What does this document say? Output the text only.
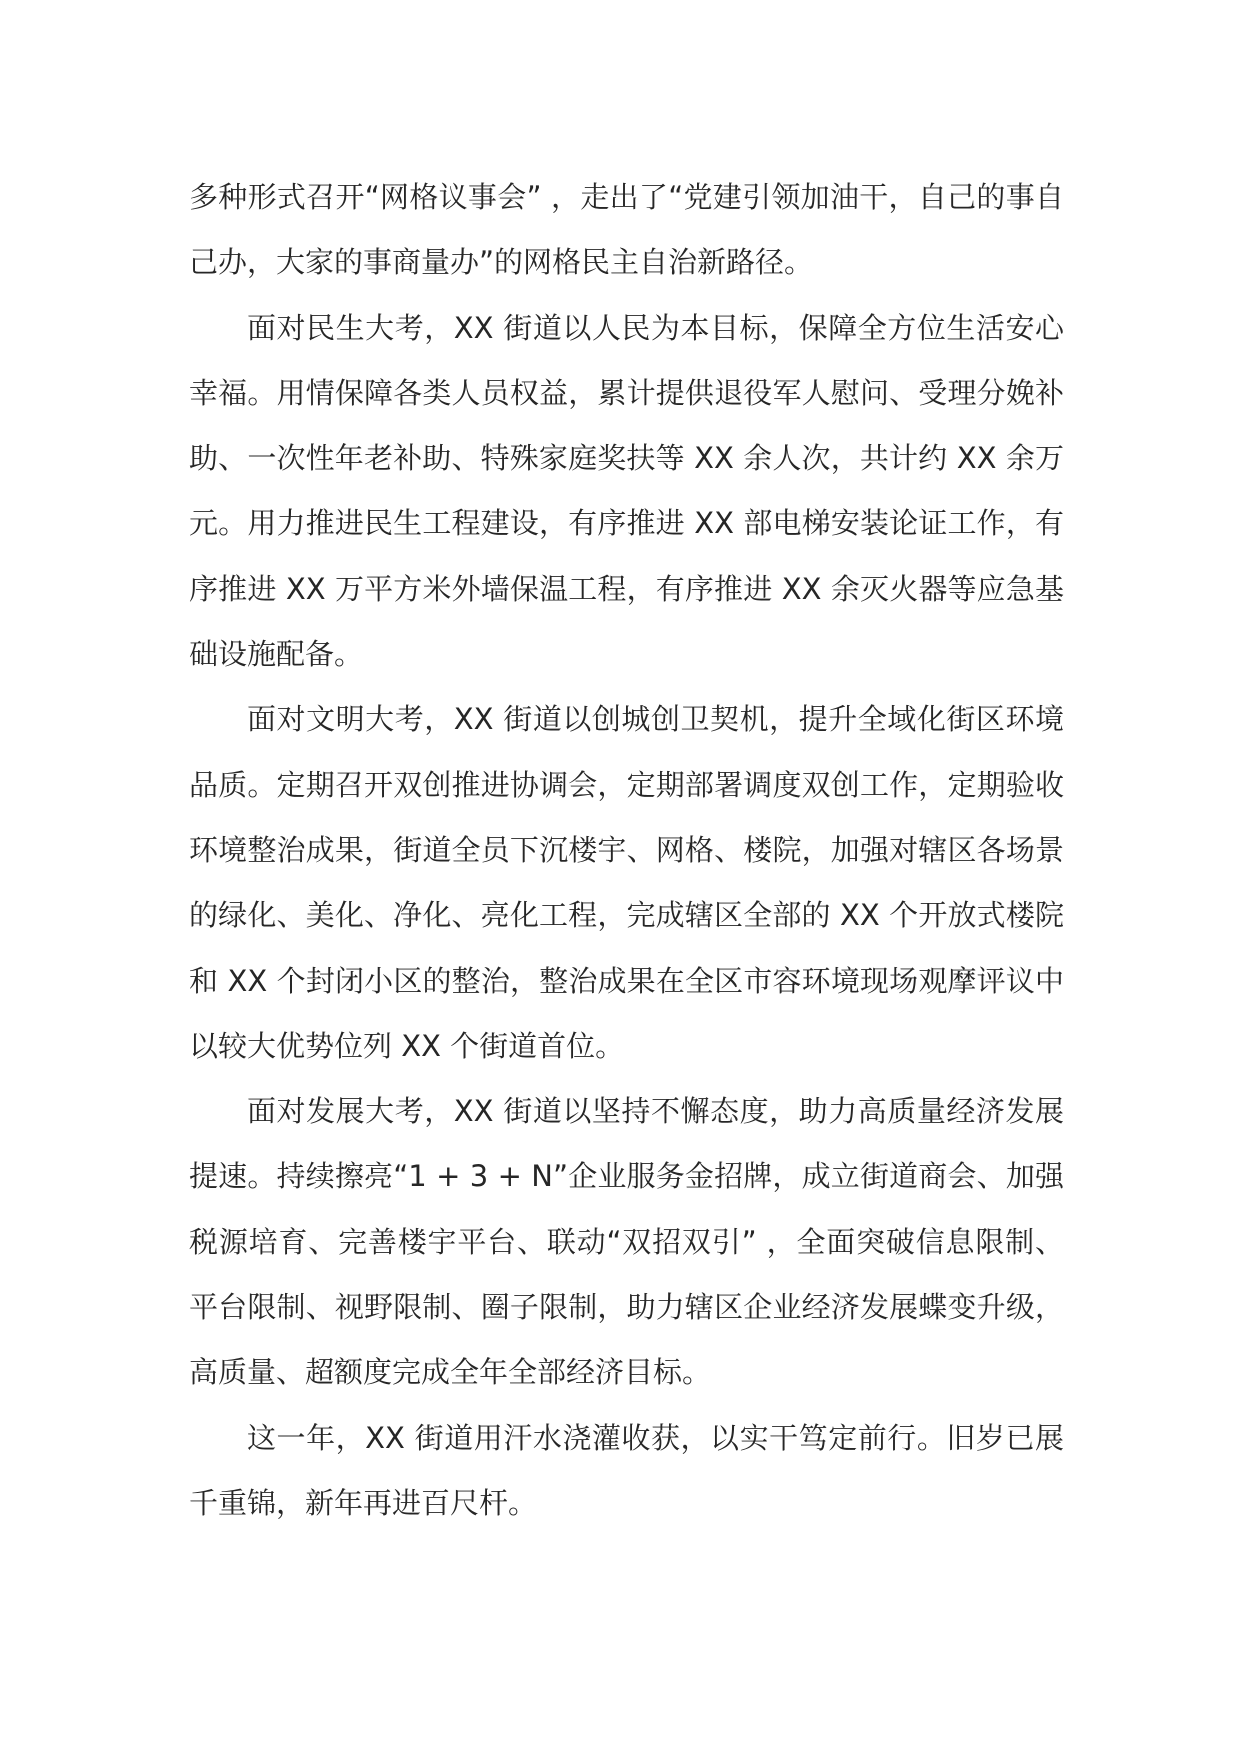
多种形式召开“网格议事会” ，走出了“党建引领加油干，自己的事自己办，大家的事商量办”的网格民主自治新路径。

面对民生大考，XX 街道以人民为本目标，保障全方位生活安心幸福。用情保障各类人员权益，累计提供退役军人慰问、受理分娩补助、一次性年老补助、特殊家庭奖扶等 XX 余人次，共计约 XX 余万元。用力推进民生工程建设，有序推进 XX 部电梯安装论证工作，有序推进 XX 万平方米外墙保温工程，有序推进 XX 余灭火器等应急基础设施配备。

面对文明大考，XX 街道以创城创卫契机，提升全域化街区环境品质。定期召开双创推进协调会，定期部署调度双创工作，定期验收环境整治成果，街道全员下沉楼宇、网格、楼院，加强对辖区各场景的绿化、美化、净化、亮化工程，完成辖区全部的 XX 个开放式楼院和 XX 个封闭小区的整治，整治成果在全区市容环境现场观摩评议中以较大优势位列 XX 个街道首位。

面对发展大考，XX 街道以坚持不懈态度，助力高质量经济发展提速。持续擦亮“1 + 3 + N”企业服务金招牌，成立街道商会、加强税源培育、完善楼宇平台、联动“双招双引” ，全面突破信息限制、平台限制、视野限制、圈子限制，助力辖区企业经济发展蝶变升级，高质量、超额度完成全年全部经济目标。

这一年，XX 街道用汗水浇灌收获，以实干笃定前行。旧岁已展千重锦，新年再进百尺杆。
